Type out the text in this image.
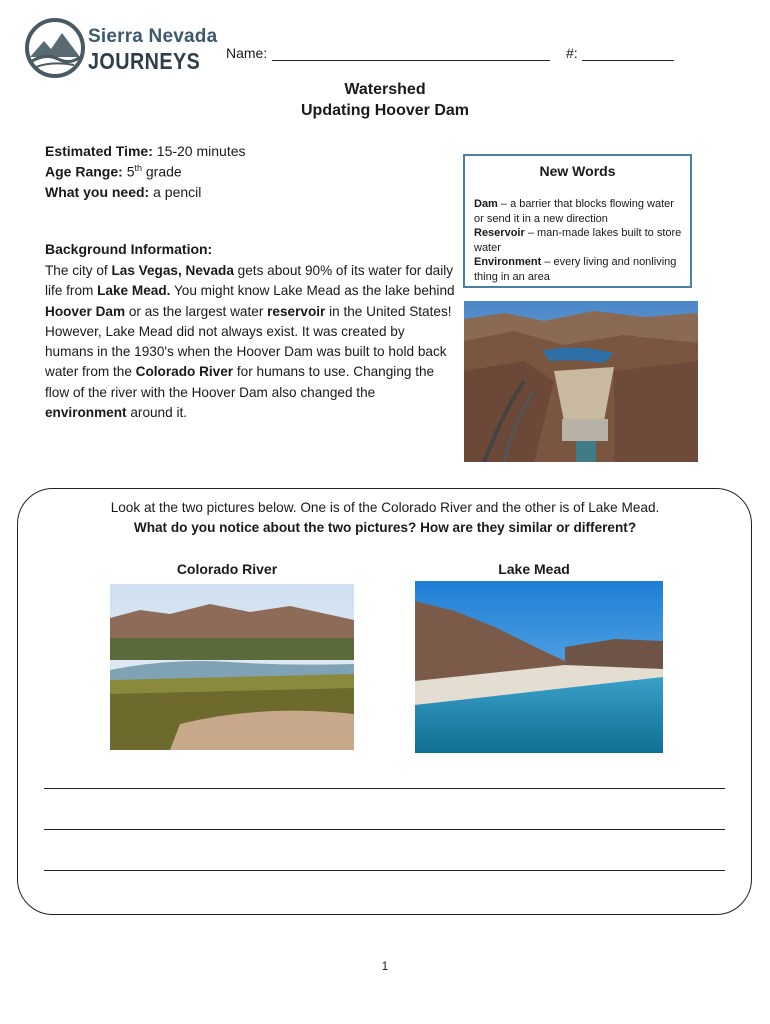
Sierra Nevada
JOURNEYS Name:	#:
Watershed
Updating Hoover Dam
Estimated Time: 15-20 minutes
Age Range: 5th grade
What you need: a pencil
Background Information:
The city of Las Vegas, Nevada gets about 90% of its water for daily life from Lake Mead. You might know Lake Mead as the lake behind Hoover Dam or as the largest water reservoir in the United States! However, Lake Mead did not always exist. It was created by humans in the 1930's when the Hoover Dam was built to hold back water from the Colorado River for humans to use. Changing the flow of the river with the Hoover Dam also changed the environment around it.
New Words
Dam – a barrier that blocks flowing water or send it in a new direction
Reservoir – man-made lakes built to store water
Environment – every living and nonliving thing in an area
Look at the two pictures below. One is of the Colorado River and the other is of Lake Mead.
What do you notice about the two pictures? How are they similar or different?
Colorado River	Lake Mead
1
